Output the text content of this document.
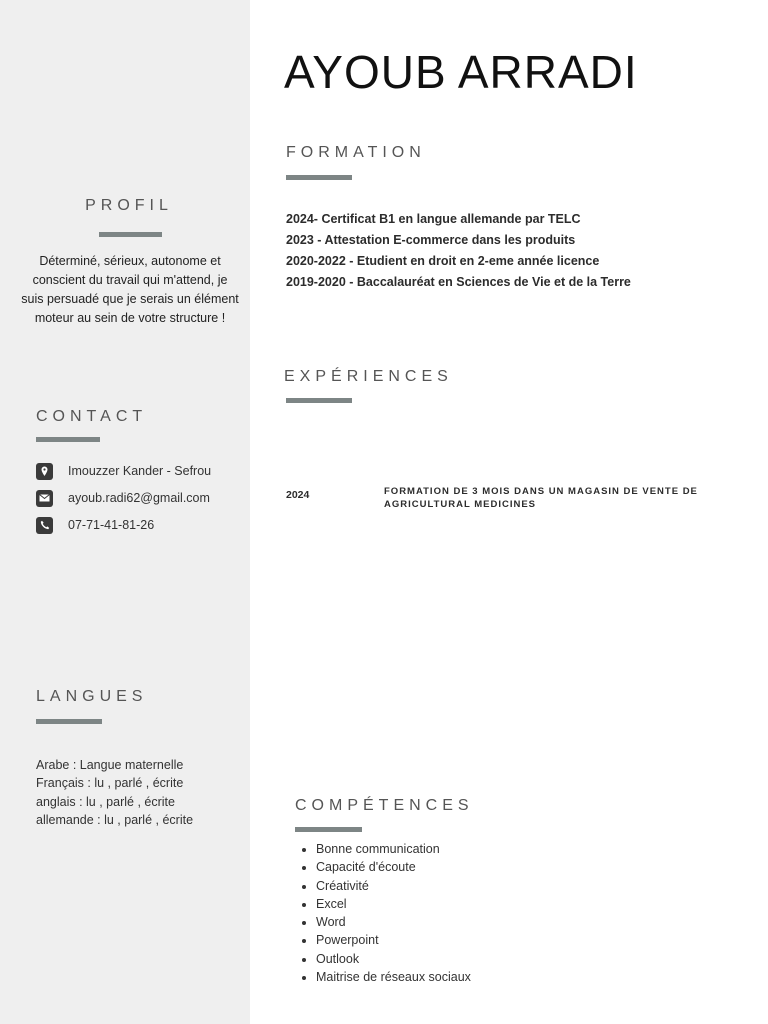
PROFIL
Déterminé, sérieux, autonome et conscient du travail qui m'attend, je suis persuadé que je serais un élément moteur au sein de votre structure !
CONTACT
Imouzzer Kander - Sefrou
ayoub.radi62@gmail.com
07-71-41-81-26
LANGUES
Arabe : Langue maternelle
Français : lu , parlé , écrite
anglais : lu , parlé , écrite
allemande : lu , parlé , écrite
AYOUB ARRADI
FORMATION
2024- Certificat B1 en langue allemande par TELC
2023 - Attestation E-commerce dans les produits
2020-2022 - Etudient en droit en 2-eme année licence
2019-2020 - Baccalauréat en Sciences de Vie et de la Terre
EXPÉRIENCES
2024	FORMATION DE 3 MOIS DANS UN MAGASIN DE VENTE DE AGRICULTURAL MEDICINES
COMPÉTENCES
• Bonne communication
• Capacité d'écoute
• Créativité
• Excel
• Word
• Powerpoint
• Outlook
• Maitrise de réseaux sociaux
